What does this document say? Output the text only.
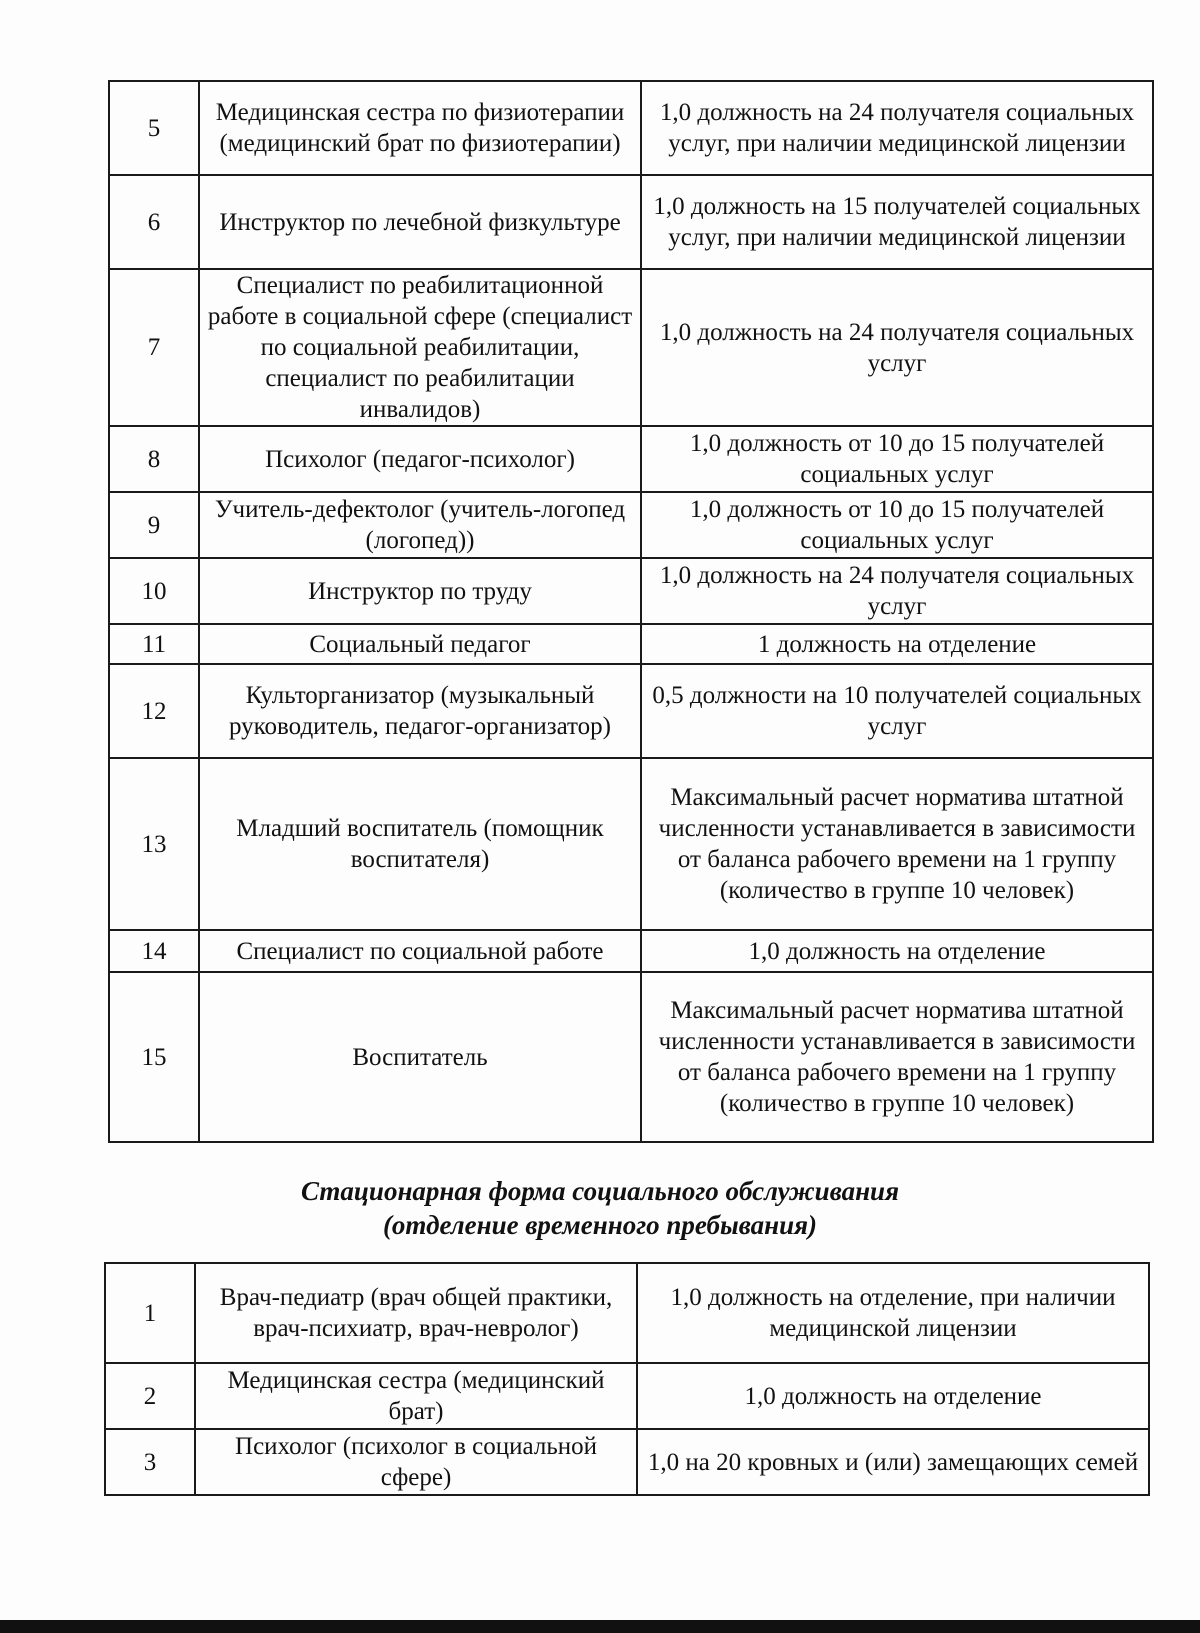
5	Медицинская сестра по физиотерапии (медицинский брат по физиотерапии)	1,0 должность на 24 получателя социальных услуг, при наличии медицинской лицензии
6	Инструктор по лечебной физкультуре	1,0 должность на 15 получателей социальных услуг, при наличии медицинской лицензии
7	Специалист по реабилитационной работе в социальной сфере (специалист по социальной реабилитации, специалист по реабилитации инвалидов)	1,0 должность на 24 получателя социальных услуг
8	Психолог (педагог-психолог)	1,0 должность от 10 до 15 получателей социальных услуг
9	Учитель-дефектолог (учитель-логопед (логопед))	1,0 должность от 10 до 15 получателей социальных услуг
10	Инструктор по труду	1,0 должность на 24 получателя социальных услуг
11	Социальный педагог	1 должность на отделение
12	Культорганизатор (музыкальный руководитель, педагог-организатор)	0,5 должности на 10 получателей социальных услуг
13	Младший воспитатель (помощник воспитателя)	Максимальный расчет норматива штатной численности устанавливается в зависимости от баланса рабочего времени на 1 группу (количество в группе 10 человек)
14	Специалист по социальной работе	1,0 должность на отделение
15	Воспитатель	Максимальный расчет норматива штатной численности устанавливается в зависимости от баланса рабочего времени на 1 группу (количество в группе 10 человек)
Стационарная форма социального обслуживания
(отделение временного пребывания)
1	Врач-педиатр (врач общей практики, врач-психиатр, врач-невролог)	1,0 должность на отделение, при наличии медицинской лицензии
2	Медицинская сестра (медицинский брат)	1,0 должность на отделение
3	Психолог (психолог в социальной сфере)	1,0 на 20 кровных и (или) замещающих семей
